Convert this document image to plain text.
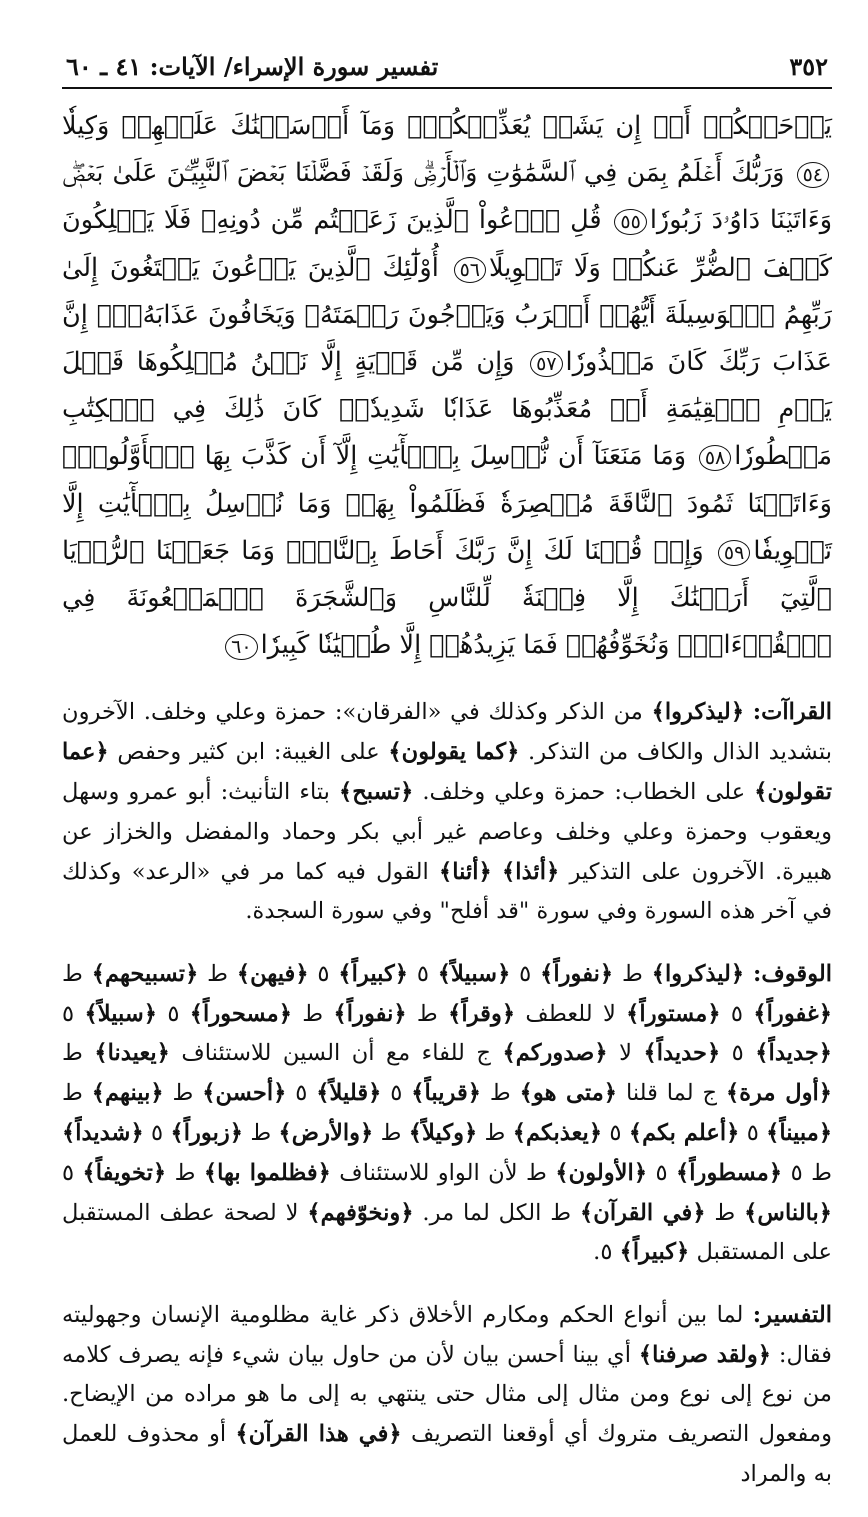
٣٥٢
تفسير سورة الإسراء/ الآيات: ٤١ ـ ٦٠
يَرۡحَمۡكُمۡ أَوۡ إِن يَشَأۡ يُعَذِّبۡكُمۡۚ وَمَآ أَرۡسَلۡنَٰكَ عَلَيۡهِمۡ وَكِيلٗا٥٤ وَرَبُّكَ أَعۡلَمُ بِمَن فِي ٱلسَّمَٰوَٰتِ وَٱلۡأَرۡضِۗ وَلَقَدۡ فَضَّلۡنَا بَعۡضَ ٱلنَّبِيِّـۧنَ عَلَىٰ بَعۡضٖۖ وَءَاتَيۡنَا دَاوُۥدَ زَبُورٗا٥٥ قُلِ ٱدۡعُواْ ٱلَّذِينَ زَعَمۡتُم مِّن دُونِهِۦ فَلَا يَمۡلِكُونَ كَشۡفَ ٱلضُّرِّ عَنكُمۡ وَلَا تَحۡوِيلًا٥٦ أُوْلَٰٓئِكَ ٱلَّذِينَ يَدۡعُونَ يَبۡتَغُونَ إِلَىٰ رَبِّهِمُ ٱلۡوَسِيلَةَ أَيُّهُمۡ أَقۡرَبُ وَيَرۡجُونَ رَحۡمَتَهُۥ وَيَخَافُونَ عَذَابَهُۥٓۚ إِنَّ عَذَابَ رَبِّكَ كَانَ مَحۡذُورٗا٥٧ وَإِن مِّن قَرۡيَةٍ إِلَّا نَحۡنُ مُهۡلِكُوهَا قَبۡلَ يَوۡمِ ٱلۡقِيَٰمَةِ أَوۡ مُعَذِّبُوهَا عَذَابٗا شَدِيدٗاۚ كَانَ ذَٰلِكَ فِي ٱلۡكِتَٰبِ مَسۡطُورٗا٥٨ وَمَا مَنَعَنَآ أَن نُّرۡسِلَ بِٱلۡأٓيَٰتِ إِلَّآ أَن كَذَّبَ بِهَا ٱلۡأَوَّلُونَۚ وَءَاتَيۡنَا ثَمُودَ ٱلنَّاقَةَ مُبۡصِرَةٗ فَظَلَمُواْ بِهَاۚ وَمَا نُرۡسِلُ بِٱلۡأٓيَٰتِ إِلَّا تَخۡوِيفٗا٥٩ وَإِذۡ قُلۡنَا لَكَ إِنَّ رَبَّكَ أَحَاطَ بِٱلنَّاسِۚ وَمَا جَعَلۡنَا ٱلرُّءۡيَا ٱلَّتِيٓ أَرَيۡنَٰكَ إِلَّا فِتۡنَةٗ لِّلنَّاسِ وَٱلشَّجَرَةَ ٱلۡمَلۡعُونَةَ فِي ٱلۡقُرۡءَانِۚ وَنُخَوِّفُهُمۡ فَمَا يَزِيدُهُمۡ إِلَّا طُغۡيَٰنٗا كَبِيرٗا٦٠

القراآت: ﴿ليذكروا﴾ من الذكر وكذلك في «الفرقان»: حمزة وعلي وخلف. الآخرون بتشديد الذال والكاف من التذكر. ﴿كما يقولون﴾ على الغيبة: ابن كثير وحفص ﴿عما تقولون﴾ على الخطاب: حمزة وعلي وخلف. ﴿تسبح﴾ بتاء التأنيث: أبو عمرو وسهل ويعقوب وحمزة وعلي وخلف وعاصم غير أبي بكر وحماد والمفضل والخزاز عن هبيرة. الآخرون على التذكير ﴿أئذا﴾ ﴿أئنا﴾ القول فيه كما مر في «الرعد» وكذلك في آخر هذه السورة وفي سورة "قد أفلح" وفي سورة السجدة.

الوقوف: ﴿ليذكروا﴾ ط ﴿نفوراً﴾ ٥ ﴿سبيلاً﴾ ٥ ﴿كبيراً﴾ ٥ ﴿فيهن﴾ ط ﴿تسبيحهم﴾ ط ﴿غفوراً﴾ ٥ ﴿مستوراً﴾ لا للعطف ﴿وقراً﴾ ط ﴿نفوراً﴾ ط ﴿مسحوراً﴾ ٥ ﴿سبيلاً﴾ ٥ ﴿جديداً﴾ ٥ ﴿حديداً﴾ لا ﴿صدوركم﴾ ج للفاء مع أن السين للاستئناف ﴿يعيدنا﴾ ط ﴿أول مرة﴾ ج لما قلنا ﴿متى هو﴾ ط ﴿قريباً﴾ ٥ ﴿قليلاً﴾ ٥ ﴿أحسن﴾ ط ﴿بينهم﴾ ط ﴿مبيناً﴾ ٥ ﴿أعلم بكم﴾ ٥ ﴿يعذبكم﴾ ط ﴿وكيلاً﴾ ط ﴿والأرض﴾ ط ﴿زبوراً﴾ ٥ ﴿شديداً﴾ ط ٥ ﴿مسطوراً﴾ ٥ ﴿الأولون﴾ ط لأن الواو للاستئناف ﴿فظلموا بها﴾ ط ﴿تخويفاً﴾ ٥ ﴿بالناس﴾ ط ﴿في القرآن﴾ ط الكل لما مر. ﴿ونخوّفهم﴾ لا لصحة عطف المستقبل على المستقبل ﴿كبيراً﴾ ٥.

التفسير: لما بين أنواع الحكم ومكارم الأخلاق ذكر غاية مظلومية الإنسان وجهوليته فقال: ﴿ولقد صرفنا﴾ أي بينا أحسن بيان لأن من حاول بيان شيء فإنه يصرف كلامه من نوع إلى نوع ومن مثال إلى مثال حتى ينتهي به إلى ما هو مراده من الإيضاح. ومفعول التصريف متروك أي أوقعنا التصريف ﴿في هذا القرآن﴾ أو محذوف للعمل به والمراد
